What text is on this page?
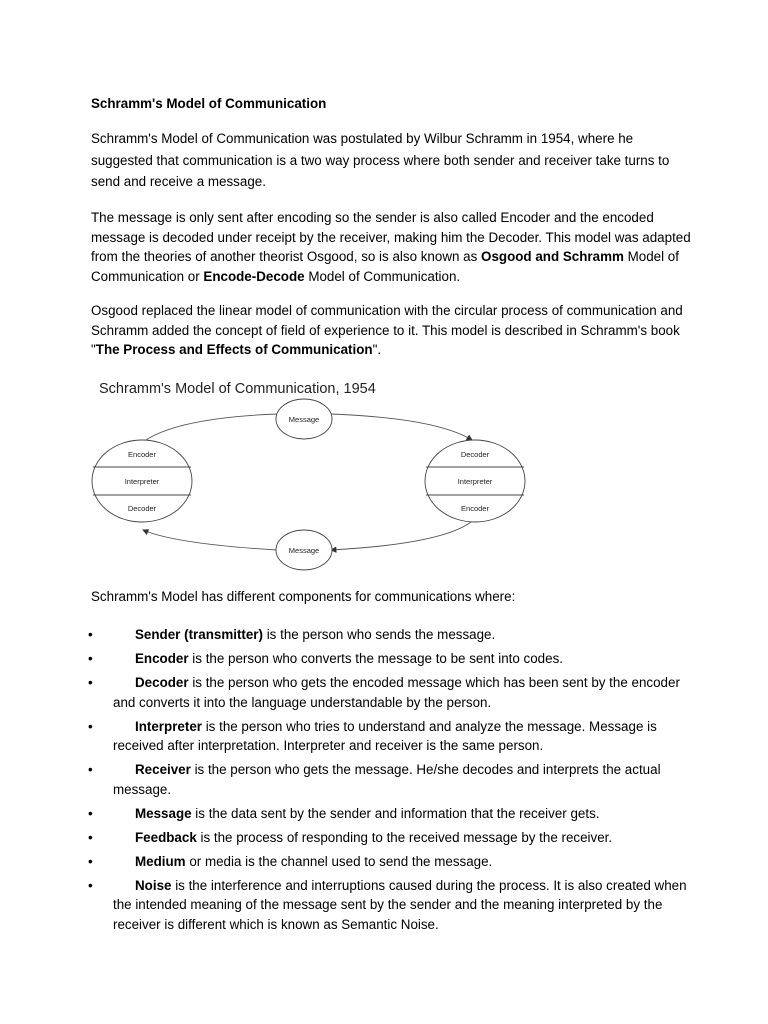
Schramm's Model of Communication

Schramm's Model of Communication was postulated by Wilbur Schramm in 1954, where he suggested that communication is a two way process where both sender and receiver take turns to send and receive a message.

The message is only sent after encoding so the sender is also called Encoder and the encoded message is decoded under receipt by the receiver, making him the Decoder. This model was adapted from the theories of another theorist Osgood, so is also known as Osgood and Schramm Model of Communication or Encode-Decode Model of Communication.

Osgood replaced the linear model of communication with the circular process of communication and Schramm added the concept of field of experience to it. This model is described in Schramm's book "The Process and Effects of Communication".

Schramm's Model has different components for communications where:
•	Sender (transmitter) is the person who sends the message.
•	Encoder is the person who converts the message to be sent into codes.
•	Decoder is the person who gets the encoded message which has been sent by the encoder and converts it into the language understandable by the person.
•	Interpreter is the person who tries to understand and analyze the message. Message is received after interpretation. Interpreter and receiver is the same person.
•	Receiver is the person who gets the message. He/she decodes and interprets the actual message.
•	Message is the data sent by the sender and information that the receiver gets.
•	Feedback is the process of responding to the received message by the receiver.
•	Medium or media is the channel used to send the message.
•	Noise is the interference and interruptions caused during the process. It is also created when the intended meaning of the message sent by the sender and the meaning interpreted by the receiver is different which is known as Semantic Noise.
Schramm's Model of Communication, 1954
Message
Message
Encoder
Interpreter
Decoder
Decoder
Interpreter
Encoder
